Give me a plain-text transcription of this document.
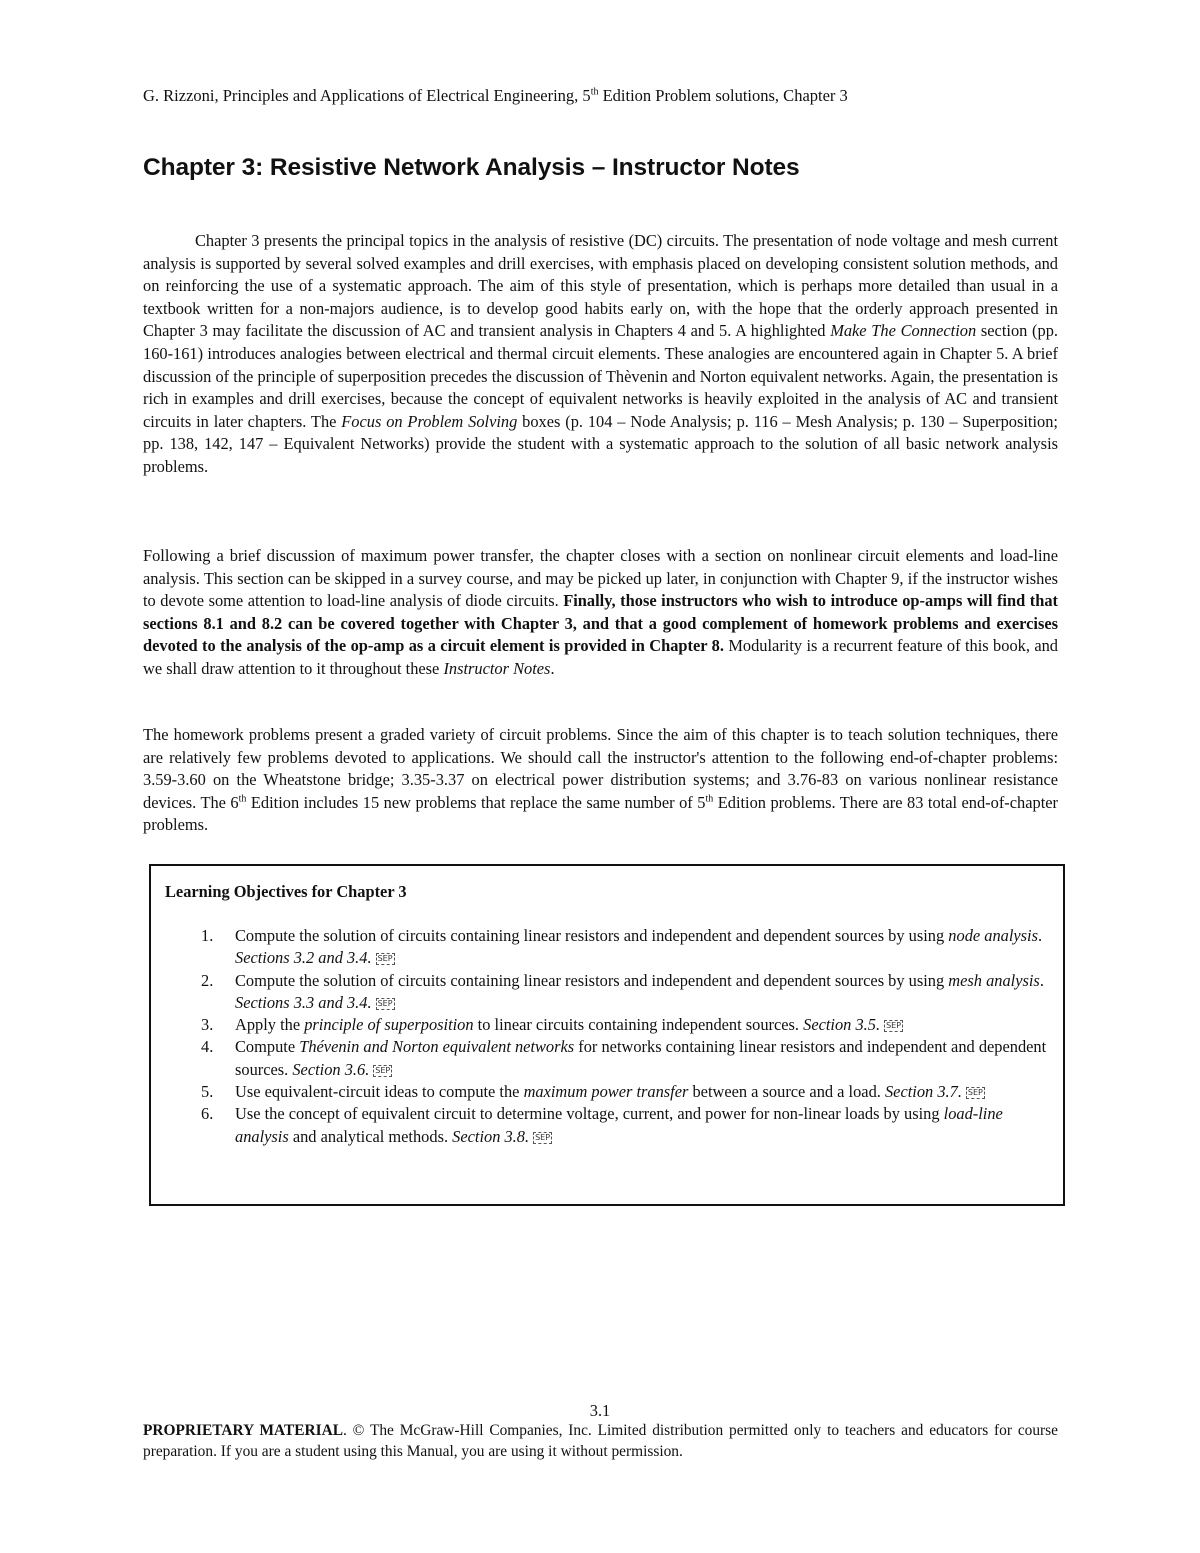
G. Rizzoni, Principles and Applications of Electrical Engineering, 5th Edition Problem solutions, Chapter 3
Chapter 3: Resistive Network Analysis – Instructor Notes

Chapter 3 presents the principal topics in the analysis of resistive (DC) circuits. The presentation of node voltage and mesh current analysis is supported by several solved examples and drill exercises, with emphasis placed on developing consistent solution methods, and on reinforcing the use of a systematic approach. The aim of this style of presentation, which is perhaps more detailed than usual in a textbook written for a non-majors audience, is to develop good habits early on, with the hope that the orderly approach presented in Chapter 3 may facilitate the discussion of AC and transient analysis in Chapters 4 and 5. A highlighted Make The Connection section (pp. 160-161) introduces analogies between electrical and thermal circuit elements. These analogies are encountered again in Chapter 5. A brief discussion of the principle of superposition precedes the discussion of Thèvenin and Norton equivalent networks. Again, the presentation is rich in examples and drill exercises, because the concept of equivalent networks is heavily exploited in the analysis of AC and transient circuits in later chapters. The Focus on Problem Solving boxes (p. 104 – Node Analysis; p. 116 – Mesh Analysis; p. 130 – Superposition; pp. 138, 142, 147 – Equivalent Networks) provide the student with a systematic approach to the solution of all basic network analysis problems.

Following a brief discussion of maximum power transfer, the chapter closes with a section on nonlinear circuit elements and load-line analysis. This section can be skipped in a survey course, and may be picked up later, in conjunction with Chapter 9, if the instructor wishes to devote some attention to load-line analysis of diode circuits. Finally, those instructors who wish to introduce op-amps will find that sections 8.1 and 8.2 can be covered together with Chapter 3, and that a good complement of homework problems and exercises devoted to the analysis of the op-amp as a circuit element is provided in Chapter 8. Modularity is a recurrent feature of this book, and we shall draw attention to it throughout these Instructor Notes.

The homework problems present a graded variety of circuit problems. Since the aim of this chapter is to teach solution techniques, there are relatively few problems devoted to applications. We should call the instructor's attention to the following end-of-chapter problems: 3.59-3.60 on the Wheatstone bridge; 3.35-3.37 on electrical power distribution systems; and 3.76-83 on various nonlinear resistance devices. The 6th Edition includes 15 new problems that replace the same number of 5th Edition problems. There are 83 total end-of-chapter problems.

Learning Objectives for Chapter 3

1. Compute the solution of circuits containing linear resistors and independent and dependent sources by using node analysis. Sections 3.2 and 3.4. SEP
2. Compute the solution of circuits containing linear resistors and independent and dependent sources by using mesh analysis. Sections 3.3 and 3.4. SEP
3. Apply the principle of superposition to linear circuits containing independent sources. Section 3.5. SEP
4. Compute Thévenin and Norton equivalent networks for networks containing linear resistors and independent and dependent sources. Section 3.6. SEP
5. Use equivalent-circuit ideas to compute the maximum power transfer between a source and a load. Section 3.7. SEP
6. Use the concept of equivalent circuit to determine voltage, current, and power for non-linear loads by using load-line analysis and analytical methods. Section 3.8. SEP
3.1

PROPRIETARY MATERIAL. © The McGraw-Hill Companies, Inc. Limited distribution permitted only to teachers and educators for course preparation. If you are a student using this Manual, you are using it without permission.
